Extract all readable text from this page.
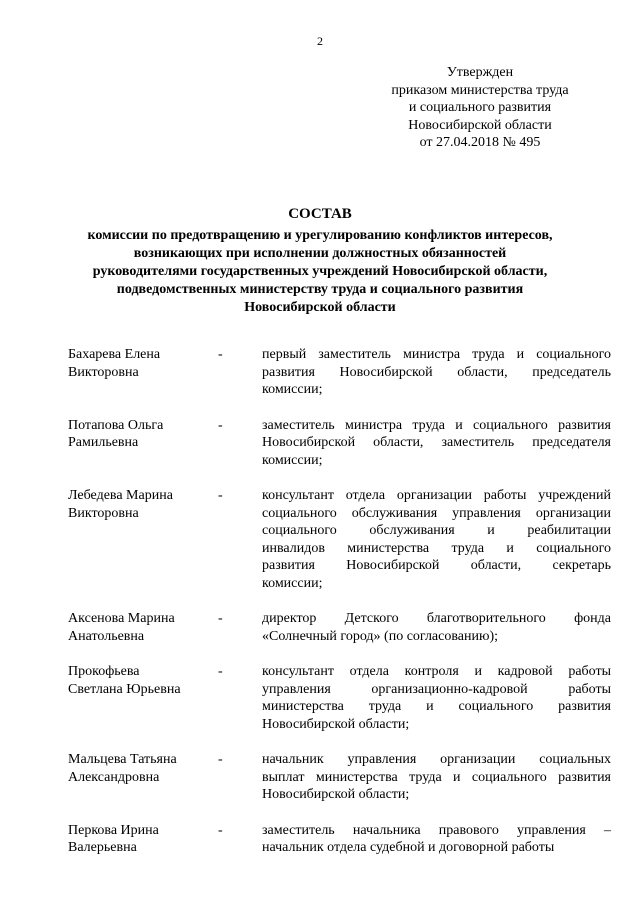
2
Утвержден
приказом министерства труда
и социального развития
Новосибирской области
от 27.04.2018 № 495
СОСТАВ
комиссии по предотвращению и урегулированию конфликтов интересов,
возникающих при исполнении должностных обязанностей
руководителями государственных учреждений Новосибирской области,
подведомственных министерству труда и социального развития
Новосибирской области
Бахарева Елена
Викторовна
-	первый заместитель министра труда и социального
развития Новосибирской области, председатель
комиссии;
Потапова Ольга
Рамильевна
-	заместитель министра труда и социального развития
Новосибирской области, заместитель председателя
комиссии;
Лебедева Марина
Викторовна
-	консультант отдела организации работы учреждений
социального обслуживания управления организации
социального обслуживания и реабилитации
инвалидов министерства труда и социального
развития Новосибирской области, секретарь
комиссии;
Аксенова Марина
Анатольевна
-	директор Детского благотворительного фонда
«Солнечный город» (по согласованию);
Прокофьева
Светлана Юрьевна
-	консультант отдела контроля и кадровой работы
управления организационно-кадровой работы
министерства труда и социального развития
Новосибирской области;
Мальцева Татьяна
Александровна
-	начальник управления организации социальных
выплат министерства труда и социального развития
Новосибирской области;
Перкова Ирина
Валерьевна
-	заместитель начальника правового управления –
начальник отдела судебной и договорной работы
